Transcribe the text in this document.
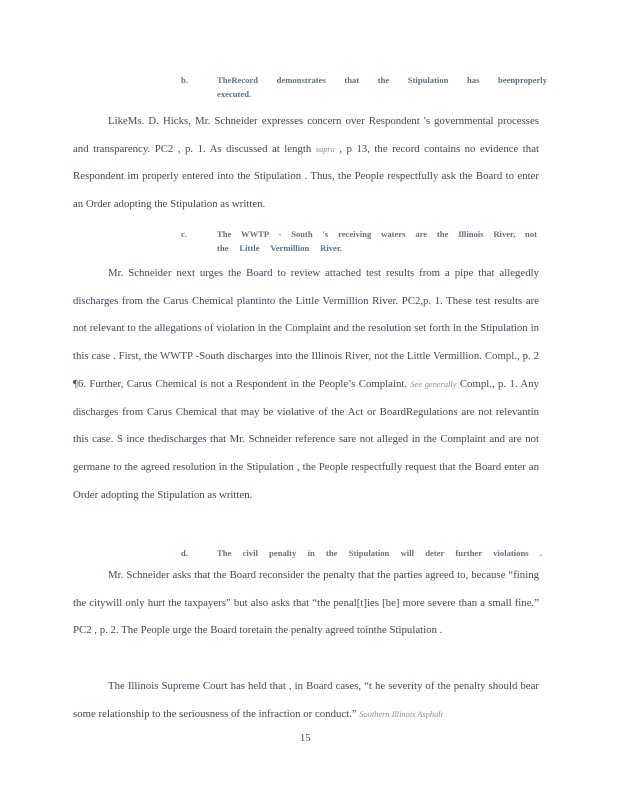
b.	TheRecord demonstrates that the Stipulation has beenproperly
executed.
LikeMs. D. Hicks, Mr. Schneider expresses concern over Respondent 's governmental processes and transparency. PC2 , p. 1. As discussed at length supra , p 13, the record contains no evidence that Respondent im properly entered into the Stipulation . Thus, the People respectfully ask the Board to enter an Order adopting the Stipulation as written.
c.	The WWTP - South 's receiving waters are the Illinois River, not
the Little Vermillion River.
Mr. Schneider next urges the Board to review attached test results from a pipe that allegedly discharges from the Carus Chemical plantinto the Little Vermillion River. PC2,p. 1. These test results are not relevant to the allegations of violation in the Complaint and the resolution set forth in the Stipulation in this case . First, the WWTP -South discharges into the Illinois River, not the Little Vermillion. Compl., p. 2 ¶6. Further, Carus Chemical is not a Respondent in the People’s Complaint. See generally Compl., p. 1. Any discharges from Carus Chemical that may be violative of the Act or BoardRegulations are not relevantin this case. S ince thedischarges that Mr. Schneider reference sare not alleged in the Complaint and are not germane to the agreed resolution in the Stipulation , the People respectfully request that the Board enter an Order adopting the Stipulation as written.
d.	The civil penalty in the Stipulation will deter further violations .
Mr. Schneider asks that the Board reconsider the penalty that the parties agreed to, because “fining the citywill only hurt the taxpayers” but also asks that “the penal[t]ies [be] more severe than a small fine.” PC2 , p. 2. The People urge the Board toretain the penalty agreed tointhe Stipulation .
The Illinois Supreme Court has held that , in Board cases, “t he severity of the penalty should bear some relationship to the seriousness of the infraction or conduct.” Southern Illinois Asphalt
15
